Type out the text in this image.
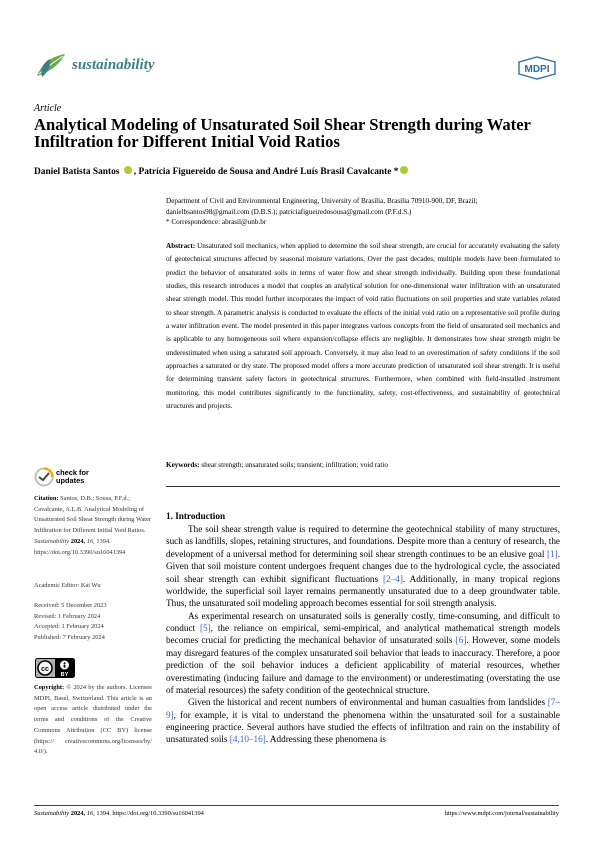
sustainability	MDPI
Article
Analytical Modeling of Unsaturated Soil Shear Strength during Water Infiltration for Different Initial Void Ratios
Daniel Batista Santos , Patrícia Figuereido de Sousa and André Luís Brasil Cavalcante *
Department of Civil and Environmental Engineering, University of Brasília, Brasília 70910-900, DF, Brazil;
danielbsantos98@gmail.com (D.B.S.); patriciafigueiredosousa@gmail.com (P.F.d.S.)
* Correspondence: abrasil@unb.br
Abstract: Unsaturated soil mechanics, when applied to determine the soil shear strength, are crucial for accurately evaluating the safety of geotechnical structures affected by seasonal moisture variations. Over the past decades, multiple models have been formulated to predict the behavior of unsaturated soils in terms of water flow and shear strength individually. Building upon these foundational studies, this research introduces a model that couples an analytical solution for one-dimensional water infiltration with an unsaturated shear strength model. This model further incorporates the impact of void ratio fluctuations on soil properties and state variables related to shear strength. A parametric analysis is conducted to evaluate the effects of the initial void ratio on a representative soil profile during a water infiltration event. The model presented in this paper integrates various concepts from the field of unsaturated soil mechanics and is applicable to any homogeneous soil where expansion/collapse effects are negligible. It demonstrates how shear strength might be underestimated when using a saturated soil approach. Conversely, it may also lead to an overestimation of safety conditions if the soil approaches a saturated or dry state. The proposed model offers a more accurate prediction of unsaturated soil shear strength. It is useful for determining transient safety factors in geotechnical structures. Furthermore, when combined with field-installed instrument monitoring, this model contributes significantly to the functionality, safety, cost-effectiveness, and sustainability of geotechnical structures and projects.
Keywords: shear strength; unsaturated soils; transient; infiltration; void ratio
check for
updates
Citation: Santos, D.B.; Sousa, P.F.d.; Cavalcante, A.L.B. Analytical Modeling of Unsaturated Soil Shear Strength during Water Infiltration for Different Initial Void Ratios. Sustainability 2024, 16, 1394. https://doi.org/10.3390/su16041394
Academic Editor: Kai Wu
Received: 5 December 2023
Revised: 1 February 2024
Accepted: 1 February 2024
Published: 7 February 2024
cc
BY
Copyright: © 2024 by the authors. Licensee MDPI, Basel, Switzerland. This article is an open access article distributed under the terms and conditions of the Creative Commons Attribution (CC BY) license (https:// creativecommons.org/licenses/by/ 4.0/).
1. Introduction

The soil shear strength value is required to determine the geotechnical stability of many structures, such as landfills, slopes, retaining structures, and foundations. Despite more than a century of research, the development of a universal method for determining soil shear strength continues to be an elusive goal [1]. Given that soil moisture content undergoes frequent changes due to the hydrological cycle, the associated soil shear strength can exhibit significant fluctuations [2–4]. Additionally, in many tropical regions worldwide, the superficial soil layer remains permanently unsaturated due to a deep groundwater table. Thus, the unsaturated soil modeling approach becomes essential for soil strength analysis.

As experimental research on unsaturated soils is generally costly, time-consuming, and difficult to conduct [5], the reliance on empirical, semi-empirical, and analytical mathematical strength models becomes crucial for predicting the mechanical behavior of unsaturated soils [6]. However, some models may disregard features of the complex unsaturated soil behavior that leads to inaccuracy. Therefore, a poor prediction of the soil behavior induces a deficient applicability of material resources, whether overestimating (inducing failure and damage to the environment) or underestimating (overstating the use of material resources) the safety condition of the geotechnical structure.

Given the historical and recent numbers of environmental and human casualties from landslides [7–9], for example, it is vital to understand the phenomena within the unsaturated soil for a sustainable engineering practice. Several authors have studied the effects of infiltration and rain on the instability of unsaturated soils [4,10–16]. Addressing these phenomena is

Sustainability 2024, 16, 1394. https://doi.org/10.3390/su16041394	https://www.mdpi.com/journal/sustainability
